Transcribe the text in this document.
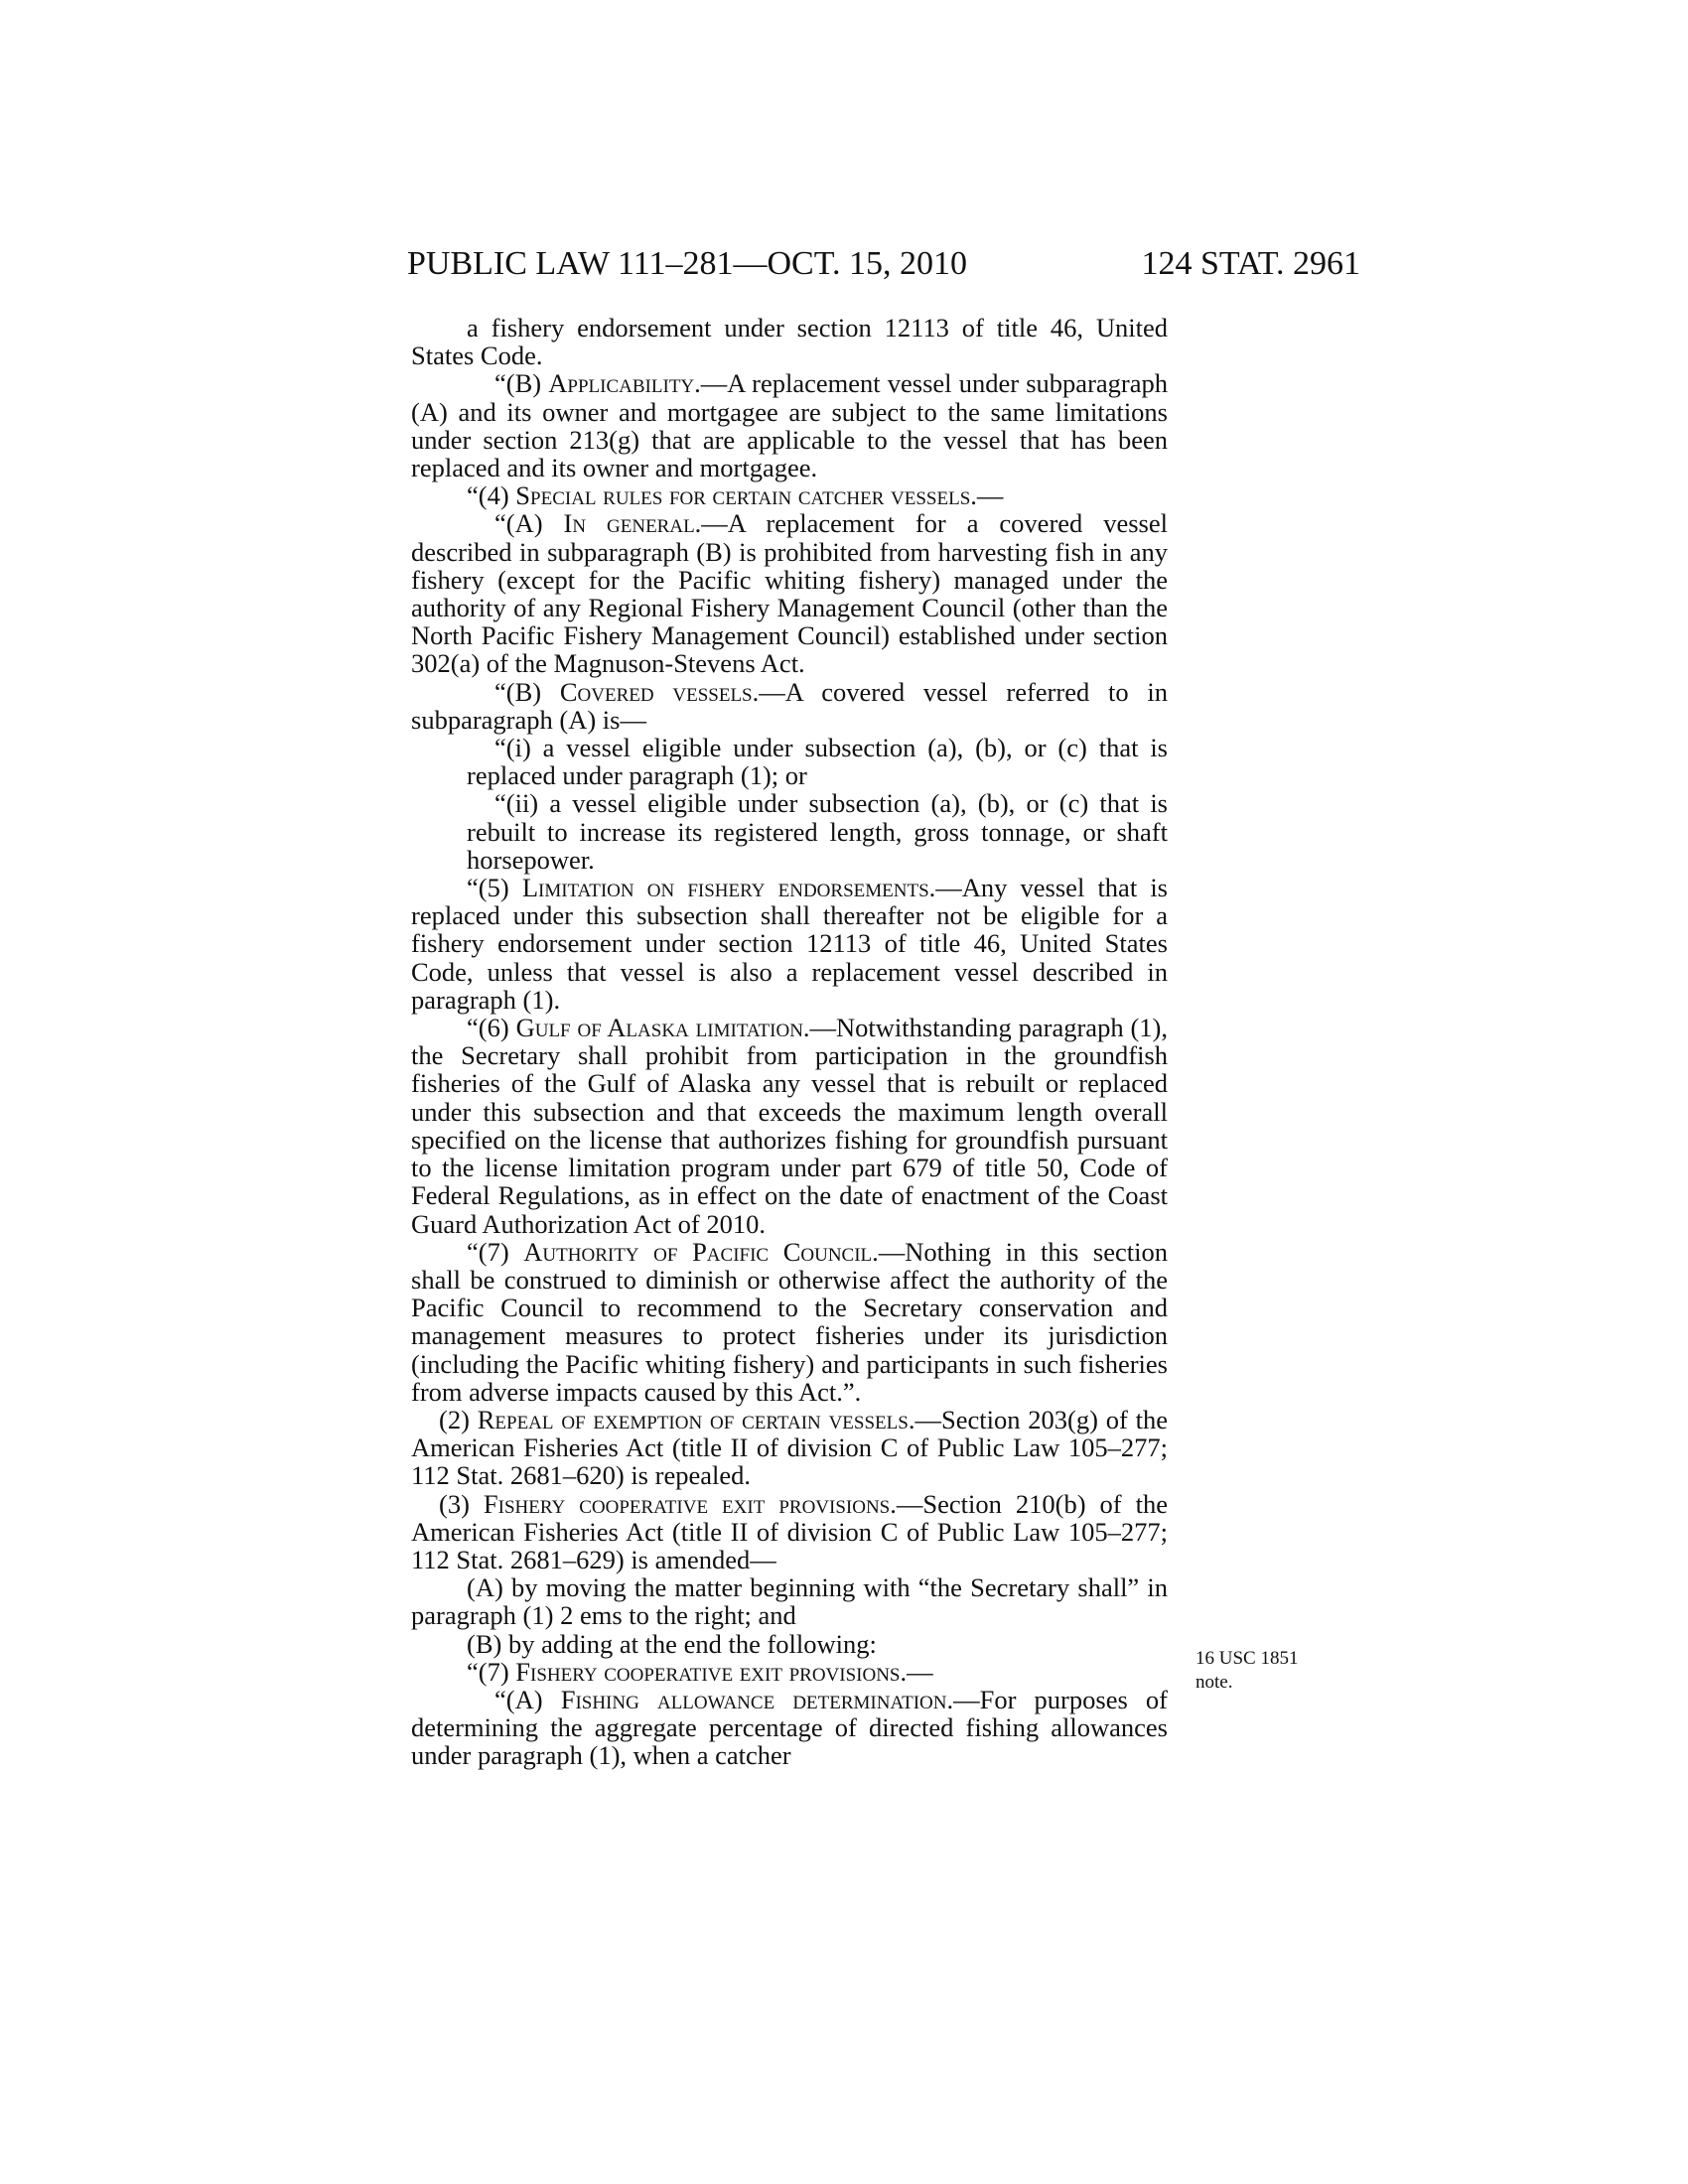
PUBLIC LAW 111–281—OCT. 15, 2010	124 STAT. 2961

a fishery endorsement under section 12113 of title 46, United States Code.

“(B) Applicability.—A replacement vessel under subparagraph (A) and its owner and mortgagee are subject to the same limitations under section 213(g) that are applicable to the vessel that has been replaced and its owner and mortgagee.

“(4) Special rules for certain catcher vessels.—

“(A) In general.—A replacement for a covered vessel described in subparagraph (B) is prohibited from harvesting fish in any fishery (except for the Pacific whiting fishery) managed under the authority of any Regional Fishery Management Council (other than the North Pacific Fishery Management Council) established under section 302(a) of the Magnuson-Stevens Act.

“(B) Covered vessels.—A covered vessel referred to in subparagraph (A) is—

“(i) a vessel eligible under subsection (a), (b), or (c) that is replaced under paragraph (1); or

“(ii) a vessel eligible under subsection (a), (b), or (c) that is rebuilt to increase its registered length, gross tonnage, or shaft horsepower.

“(5) Limitation on fishery endorsements.—Any vessel that is replaced under this subsection shall thereafter not be eligible for a fishery endorsement under section 12113 of title 46, United States Code, unless that vessel is also a replacement vessel described in paragraph (1).

“(6) Gulf of Alaska limitation.—Notwithstanding paragraph (1), the Secretary shall prohibit from participation in the groundfish fisheries of the Gulf of Alaska any vessel that is rebuilt or replaced under this subsection and that exceeds the maximum length overall specified on the license that authorizes fishing for groundfish pursuant to the license limitation program under part 679 of title 50, Code of Federal Regulations, as in effect on the date of enactment of the Coast Guard Authorization Act of 2010.

“(7) Authority of Pacific Council.—Nothing in this section shall be construed to diminish or otherwise affect the authority of the Pacific Council to recommend to the Secretary conservation and management measures to protect fisheries under its jurisdiction (including the Pacific whiting fishery) and participants in such fisheries from adverse impacts caused by this Act.”.

(2) Repeal of exemption of certain vessels.—Section 203(g) of the American Fisheries Act (title II of division C of Public Law 105–277; 112 Stat. 2681–620) is repealed.

(3) Fishery cooperative exit provisions.—Section 210(b) of the American Fisheries Act (title II of division C of Public Law 105–277; 112 Stat. 2681–629) is amended—

(A) by moving the matter beginning with “the Secretary shall” in paragraph (1) 2 ems to the right; and

(B) by adding at the end the following:

“(7) Fishery cooperative exit provisions.—

“(A) Fishing allowance determination.—For purposes of determining the aggregate percentage of directed fishing allowances under paragraph (1), when a catcher

16 USC 1851
note.
